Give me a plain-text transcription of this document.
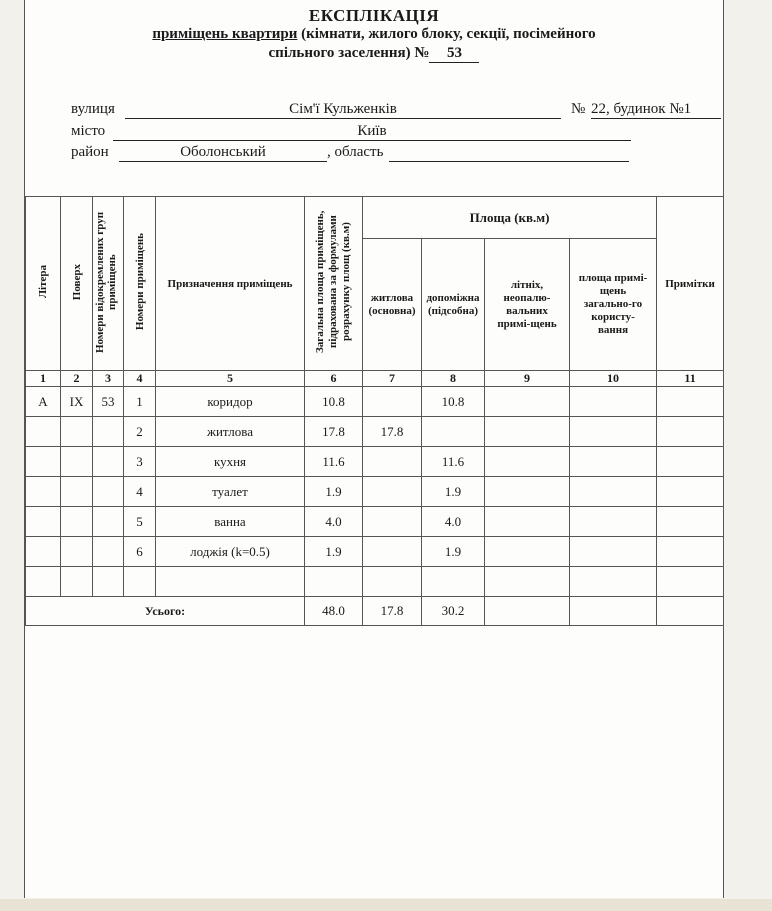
ЕКСПЛІКАЦІЯ
приміщень квартири (кімнати, жилого блоку, секції, посімейного
спільного заселення) № 53
вулиця	Сім'ї Кульженків	№ 22, будинок №1
місто	Київ
район	Оболонський	, область
Літера	Поверх	Номери відокремлених груп приміщень	Номери приміщень	Призначення приміщень	Загальна площа приміщень, підрахована за формулами розрахунку площ (кв.м)	Площа (кв.м)				Примітки
						житлова (основна)	допоміжна (підсобна)	літніх, неопалю-вальних примі-щень	площа примі-щень загально-го користу-вання	
1	2	3	4	5	6	7	8	9	10	11
А	IX	53	1	коридор	10.8		10.8			
			2	житлова	17.8	17.8				
			3	кухня	11.6		11.6			
			4	туалет	1.9		1.9			
			5	ванна	4.0		4.0			
			6	лоджія (k=0.5)	1.9		1.9			

Усього:					48.0	17.8	30.2			
